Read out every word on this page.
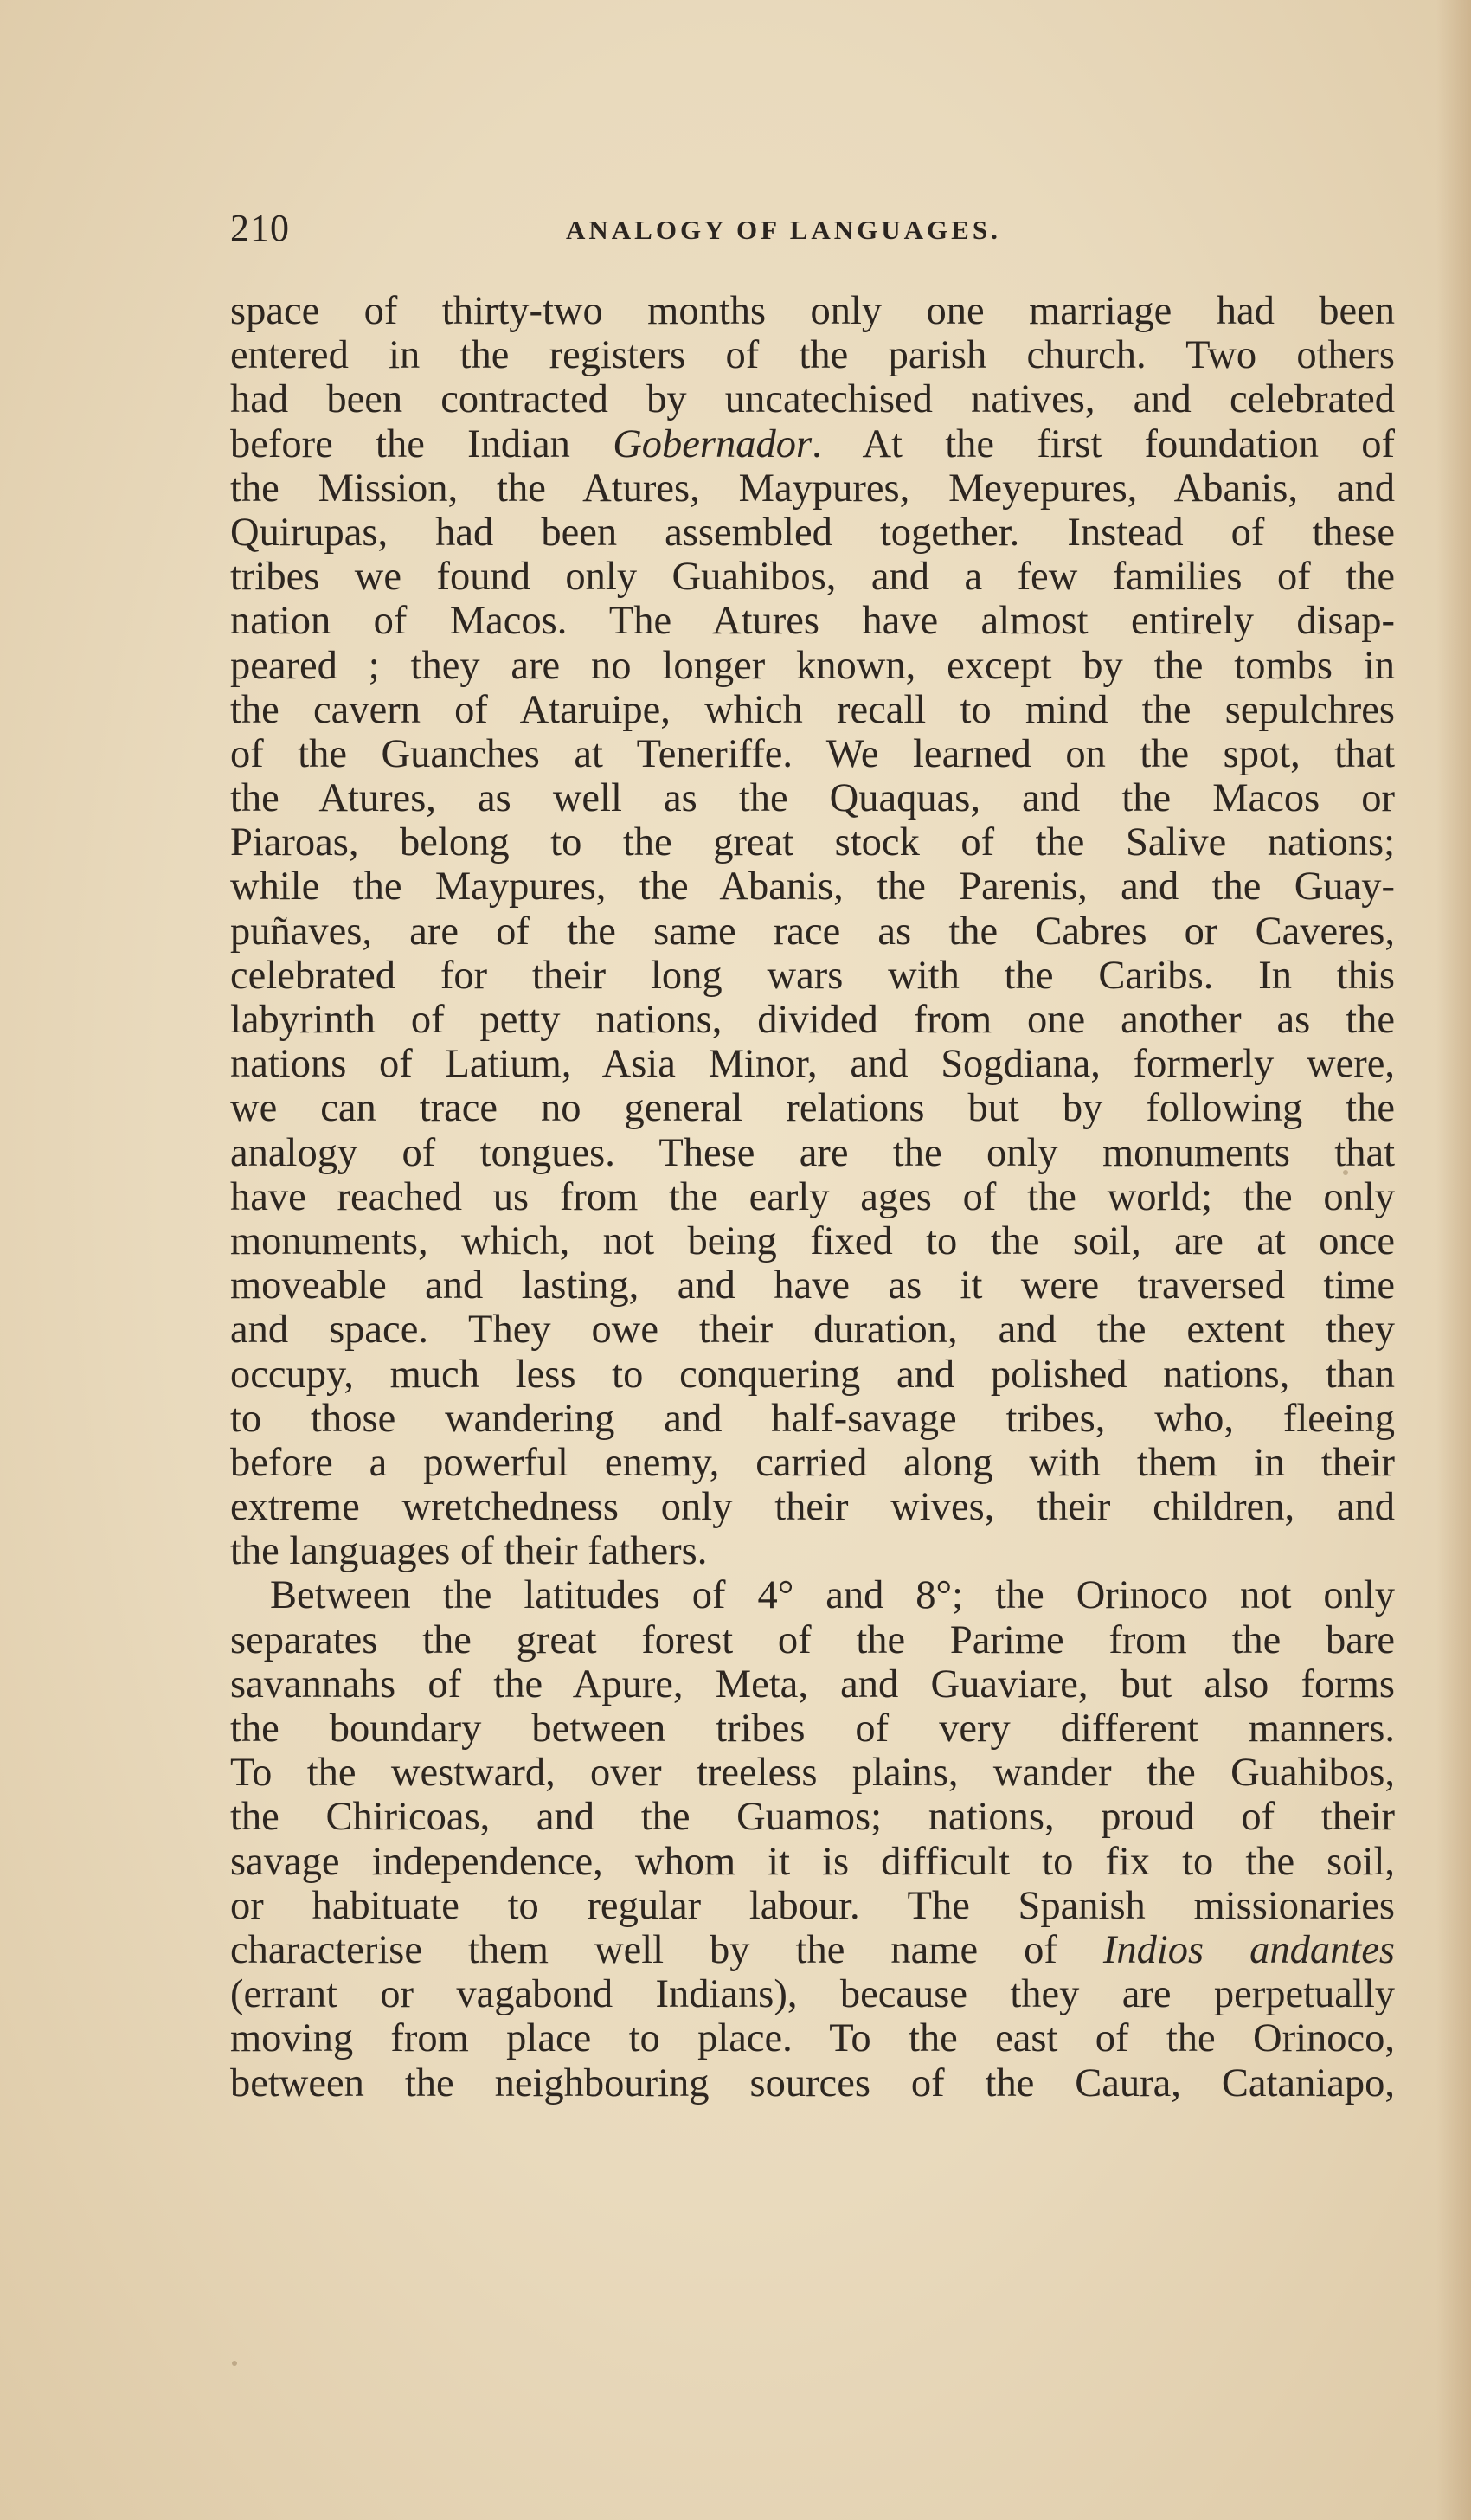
210	ANALOGY OF LANGUAGES.
space of thirty-two months only one marriage had been
entered in the registers of the parish church. Two others
had been contracted by uncatechised natives, and celebrated
before the Indian Gobernador. At the first foundation of
the Mission, the Atures, Maypures, Meyepures, Abanis, and
Quirupas, had been assembled together. Instead of these
tribes we found only Guahibos, and a few families of the
nation of Macos. The Atures have almost entirely disap-
peared ; they are no longer known, except by the tombs in
the cavern of Ataruipe, which recall to mind the sepulchres
of the Guanches at Teneriffe. We learned on the spot, that
the Atures, as well as the Quaquas, and the Macos or
Piaroas, belong to the great stock of the Salive nations;
while the Maypures, the Abanis, the Parenis, and the Guay-
puñaves, are of the same race as the Cabres or Caveres,
celebrated for their long wars with the Caribs. In this
labyrinth of petty nations, divided from one another as the
nations of Latium, Asia Minor, and Sogdiana, formerly were,
we can trace no general relations but by following the
analogy of tongues. These are the only monuments that
have reached us from the early ages of the world; the only
monuments, which, not being fixed to the soil, are at once
moveable and lasting, and have as it were traversed time
and space. They owe their duration, and the extent they
occupy, much less to conquering and polished nations, than
to those wandering and half-savage tribes, who, fleeing
before a powerful enemy, carried along with them in their
extreme wretchedness only their wives, their children, and
the languages of their fathers.
Between the latitudes of 4° and 8°; the Orinoco not only
separates the great forest of the Parime from the bare
savannahs of the Apure, Meta, and Guaviare, but also forms
the boundary between tribes of very different manners.
To the westward, over treeless plains, wander the Guahibos,
the Chiricoas, and the Guamos; nations, proud of their
savage independence, whom it is difficult to fix to the soil,
or habituate to regular labour. The Spanish missionaries
characterise them well by the name of Indios andantes
(errant or vagabond Indians), because they are perpetually
moving from place to place. To the east of the Orinoco,
between the neighbouring sources of the Caura, Cataniapo,
